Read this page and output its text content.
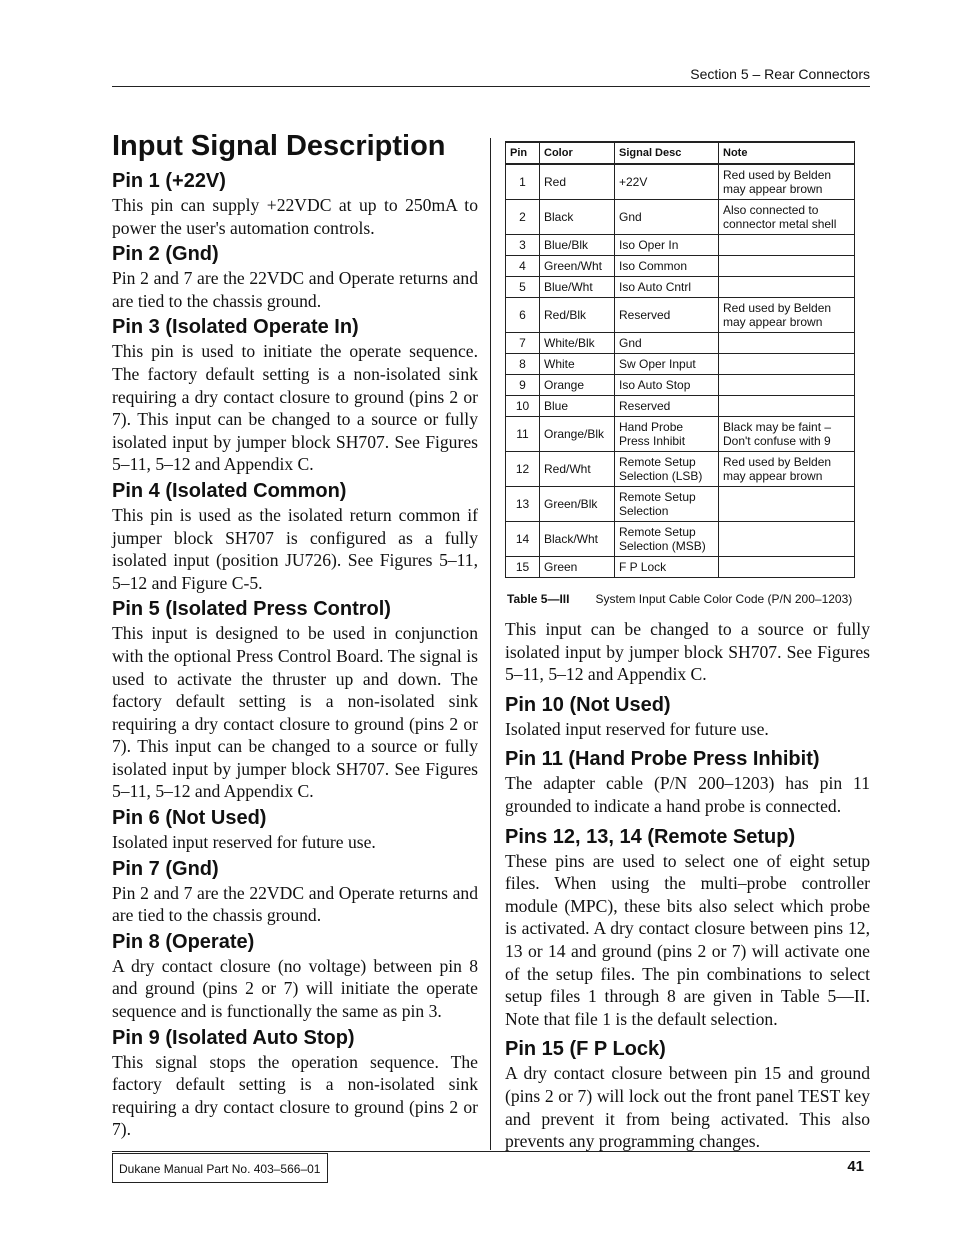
Section 5 – Rear Connectors
Input Signal Description
Pin 1 (+22V)

This pin can supply +22VDC at up to 250mA to power the user's automation controls.

Pin 2 (Gnd)

Pin 2 and 7 are the 22VDC and Operate returns and are tied to the chassis ground.

Pin 3 (Isolated Operate In)

This pin is used to initiate the operate sequence. The factory default setting is a non-isolated sink requiring a dry contact closure to ground (pins 2 or 7). This input can be changed to a source or fully isolated input by jumper block SH707. See Figures 5–11, 5–12 and Appendix C.

Pin 4 (Isolated Common)

This pin is used as the isolated return common if jumper block SH707 is configured as a fully isolated input (position JU726). See Figures 5–11, 5–12 and Figure C-5.

Pin 5 (Isolated Press Control)

This input is designed to be used in conjunction with the optional Press Control Board. The signal is used to activate the thruster up and down. The factory default setting is a non-isolated sink requiring a dry contact closure to ground (pins 2 or 7). This input can be changed to a source or fully isolated input by jumper block SH707. See Figures 5–11, 5–12 and Appendix C.

Pin 6 (Not Used)

Isolated input reserved for future use.

Pin 7 (Gnd)

Pin 2 and 7 are the 22VDC and Operate returns and are tied to the chassis ground.

Pin 8 (Operate)

A dry contact closure (no voltage) between pin 8 and ground (pins 2 or 7) will initiate the operate sequence and is functionally the same as pin 3.

Pin 9 (Isolated Auto Stop)

This signal stops the operation sequence. The factory default setting is a non-isolated sink requiring a dry contact closure to ground (pins 2 or 7).

Pin	Color	Signal Desc	Note
1	Red	+22V	Red used by Belden may appear brown
2	Black	Gnd	Also connected to connector metal shell
3	Blue/Blk	Iso Oper In	
4	Green/Wht	Iso Common	
5	Blue/Wht	Iso Auto Cntrl	
6	Red/Blk	Reserved	Red used by Belden may appear brown
7	White/Blk	Gnd	
8	White	Sw Oper Input	
9	Orange	Iso Auto Stop	
10	Blue	Reserved	
11	Orange/Blk	Hand Probe Press Inhibit	Black may be faint – Don't confuse with 9
12	Red/Wht	Remote Setup Selection (LSB)	Red used by Belden may appear brown
13	Green/Blk	Remote Setup Selection	
14	Black/Wht	Remote Setup Selection (MSB)	
15	Green	F P Lock	
Table 5—III System Input Cable Color Code (P/N 200–1203)

This input can be changed to a source or fully isolated input by jumper block SH707. See Figures 5–11, 5–12 and Appendix C.

Pin 10 (Not Used)

Isolated input reserved for future use.

Pin 11 (Hand Probe Press Inhibit)

The adapter cable (P/N 200–1203) has pin 11 grounded to indicate a hand probe is connected.

Pins 12, 13, 14 (Remote Setup)

These pins are used to select one of eight setup files. When using the multi–probe controller module (MPC), these bits also select which probe is activated. A dry contact closure between pins 12, 13 or 14 and ground (pins 2 or 7) will activate one of the setup files. The pin combinations to select setup files 1 through 8 are given in Table 5—II. Note that file 1 is the default selection.

Pin 15 (F P Lock)

A dry contact closure between pin 15 and ground (pins 2 or 7) will lock out the front panel TEST key and prevent it from being activated. This also prevents any programming changes.

Dukane Manual Part No. 403–566–01	41
